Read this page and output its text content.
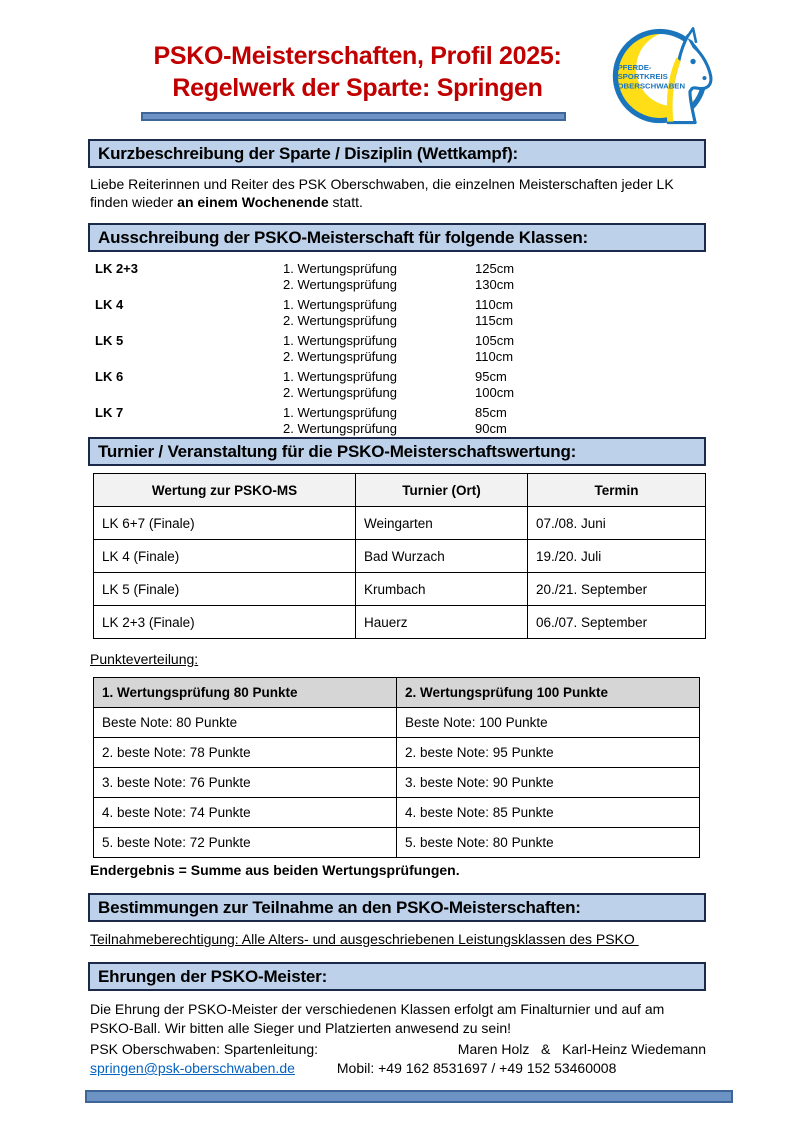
PSKO-Meisterschaften, Profil 2025:
Regelwerk der Sparte: Springen
PFERDE-
SPORTKREIS
OBERSCHWABEN
Kurzbeschreibung der Sparte / Disziplin (Wettkampf):

Liebe Reiterinnen und Reiter des PSK Oberschwaben, die einzelnen Meisterschaften jeder LK finden wieder an einem Wochenende statt.

Ausschreibung der PSKO-Meisterschaft für folgende Klassen:
LK 2+3	1. Wertungsprüfung	125cm
2. Wertungsprüfung	130cm
LK 4	1. Wertungsprüfung	110cm
2. Wertungsprüfung	115cm
LK 5	1. Wertungsprüfung	105cm
2. Wertungsprüfung	110cm
LK 6	1. Wertungsprüfung	95cm
2. Wertungsprüfung	100cm
LK 7	1. Wertungsprüfung	85cm
2. Wertungsprüfung	90cm
Turnier / Veranstaltung für die PSKO-Meisterschaftswertung:
Wertung zur PSKO-MS	Turnier (Ort)	Termin
LK 6+7 (Finale)	Weingarten	07./08. Juni
LK 4 (Finale)	Bad Wurzach	19./20. Juli
LK 5 (Finale)	Krumbach	20./21. September
LK 2+3 (Finale)	Hauerz	06./07. September
Punkteverteilung:
1. Wertungsprüfung 80 Punkte	2. Wertungsprüfung 100 Punkte
Beste Note: 80 Punkte	Beste Note: 100 Punkte
2. beste Note: 78 Punkte	2. beste Note: 95 Punkte
3. beste Note: 76 Punkte	3. beste Note: 90 Punkte
4. beste Note: 74 Punkte	4. beste Note: 85 Punkte
5. beste Note: 72 Punkte	5. beste Note: 80 Punkte
Endergebnis = Summe aus beiden Wertungsprüfungen.
Bestimmungen zur Teilnahme an den PSKO-Meisterschaften:
Teilnahmeberechtigung: Alle Alters- und ausgeschriebenen Leistungsklassen des PSKO
Ehrungen der PSKO-Meister:

Die Ehrung der PSKO-Meister der verschiedenen Klassen erfolgt am Finalturnier und auf am PSKO-Ball. Wir bitten alle Sieger und Platzierten anwesend zu sein!

PSK Oberschwaben: Spartenleitung:	Maren Holz   &   Karl-Heinz Wiedemann
springen@psk-oberschwaben.de	Mobil: +49 162 8531697 / +49 152 53460008
